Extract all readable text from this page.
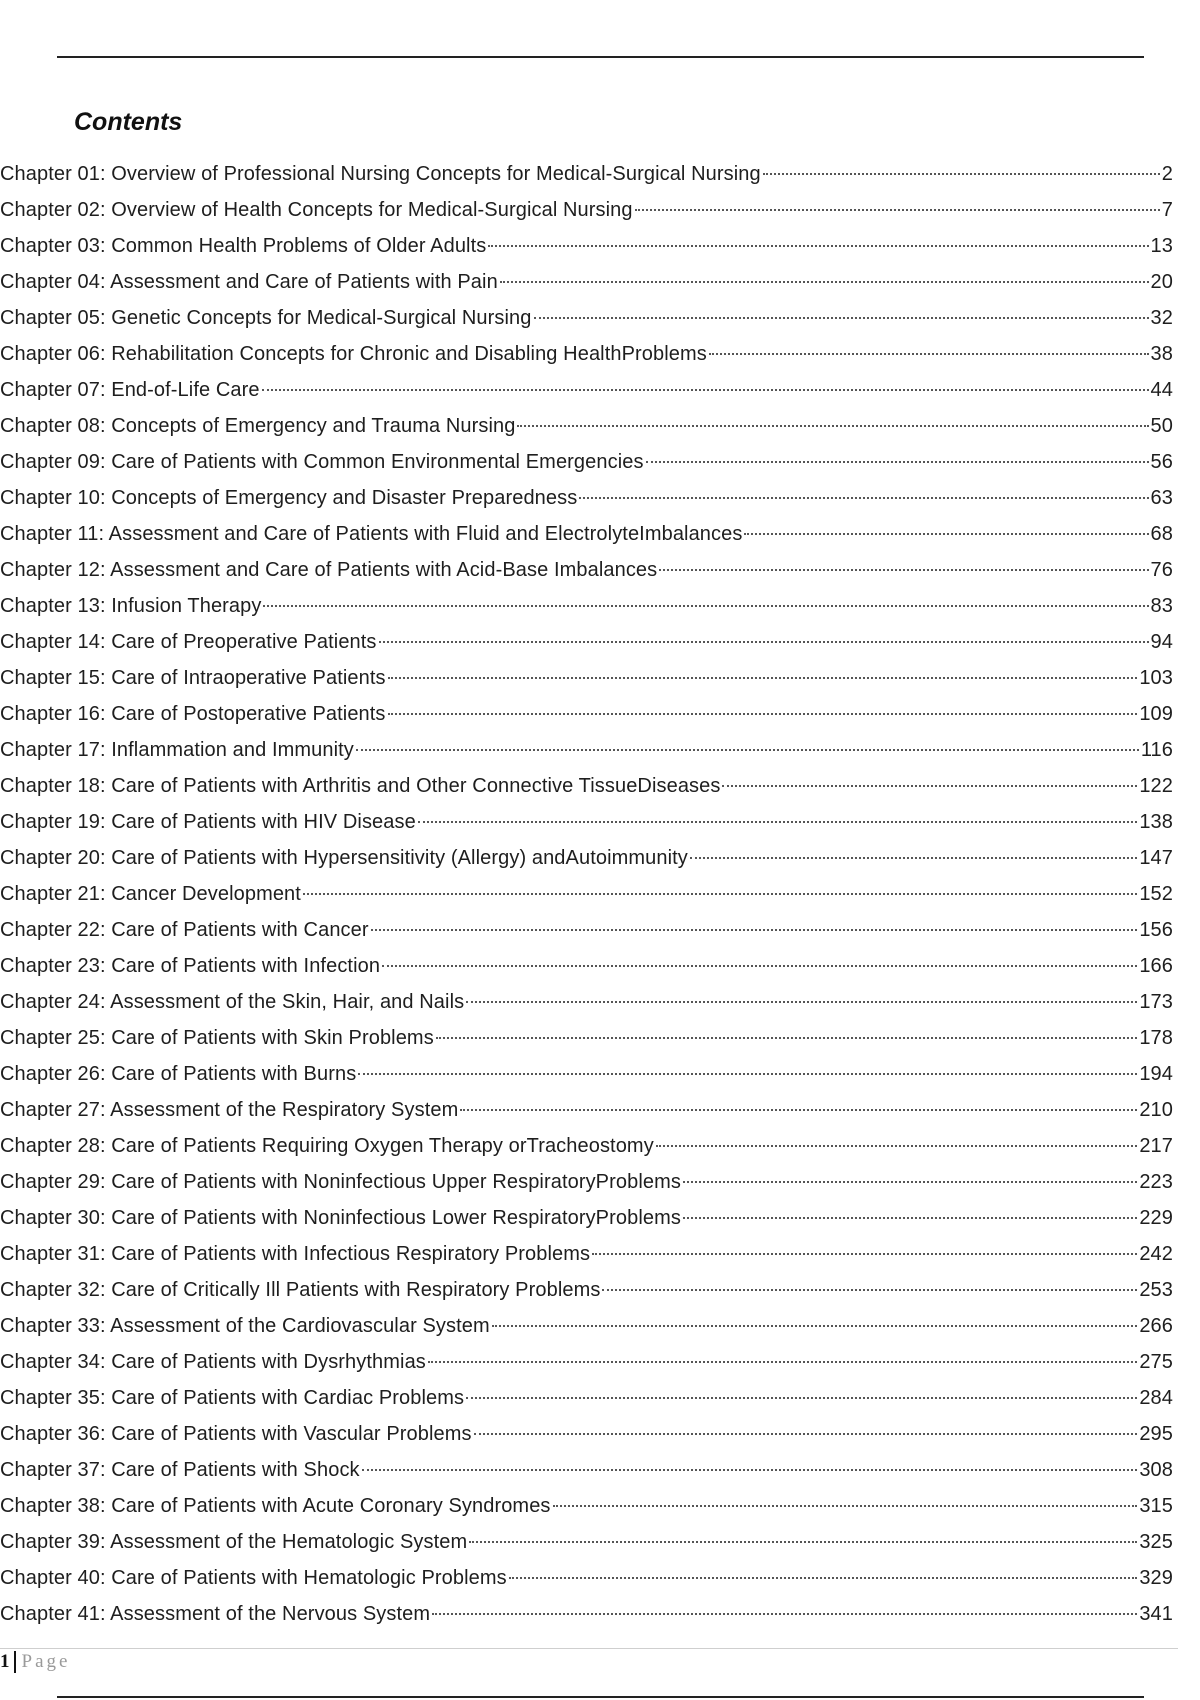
Contents
Chapter 01: Overview of Professional Nursing Concepts for Medical-Surgical Nursing	2
Chapter 02: Overview of Health Concepts for Medical-Surgical Nursing	7
Chapter 03: Common Health Problems of Older Adults	13
Chapter 04: Assessment and Care of Patients with Pain	20
Chapter 05: Genetic Concepts for Medical-Surgical Nursing	32
Chapter 06: Rehabilitation Concepts for Chronic and Disabling HealthProblems	38
Chapter 07: End-of-Life Care	44
Chapter 08: Concepts of Emergency and Trauma Nursing	50
Chapter 09: Care of Patients with Common Environmental Emergencies	56
Chapter 10: Concepts of Emergency and Disaster Preparedness	63
Chapter 11: Assessment and Care of Patients with Fluid and ElectrolyteImbalances	68
Chapter 12: Assessment and Care of Patients with Acid-Base Imbalances	76
Chapter 13: Infusion Therapy	83
Chapter 14: Care of Preoperative Patients	94
Chapter 15: Care of Intraoperative Patients	103
Chapter 16: Care of Postoperative Patients	109
Chapter 17: Inflammation and Immunity	116
Chapter 18: Care of Patients with Arthritis and Other Connective TissueDiseases	122
Chapter 19: Care of Patients with HIV Disease	138
Chapter 20: Care of Patients with Hypersensitivity (Allergy) andAutoimmunity	147
Chapter 21: Cancer Development	152
Chapter 22: Care of Patients with Cancer	156
Chapter 23: Care of Patients with Infection	166
Chapter 24: Assessment of the Skin, Hair, and Nails	173
Chapter 25: Care of Patients with Skin Problems	178
Chapter 26: Care of Patients with Burns	194
Chapter 27: Assessment of the Respiratory System	210
Chapter 28: Care of Patients Requiring Oxygen Therapy orTracheostomy	217
Chapter 29: Care of Patients with Noninfectious Upper RespiratoryProblems	223
Chapter 30: Care of Patients with Noninfectious Lower RespiratoryProblems	229
Chapter 31: Care of Patients with Infectious Respiratory Problems	242
Chapter 32: Care of Critically Ill Patients with Respiratory Problems	253
Chapter 33: Assessment of the Cardiovascular System	266
Chapter 34: Care of Patients with Dysrhythmias	275
Chapter 35: Care of Patients with Cardiac Problems	284
Chapter 36: Care of Patients with Vascular Problems	295
Chapter 37: Care of Patients with Shock	308
Chapter 38: Care of Patients with Acute Coronary Syndromes	315
Chapter 39: Assessment of the Hematologic System	325
Chapter 40: Care of Patients with Hematologic Problems	329
Chapter 41: Assessment of the Nervous System	341
1 Page
